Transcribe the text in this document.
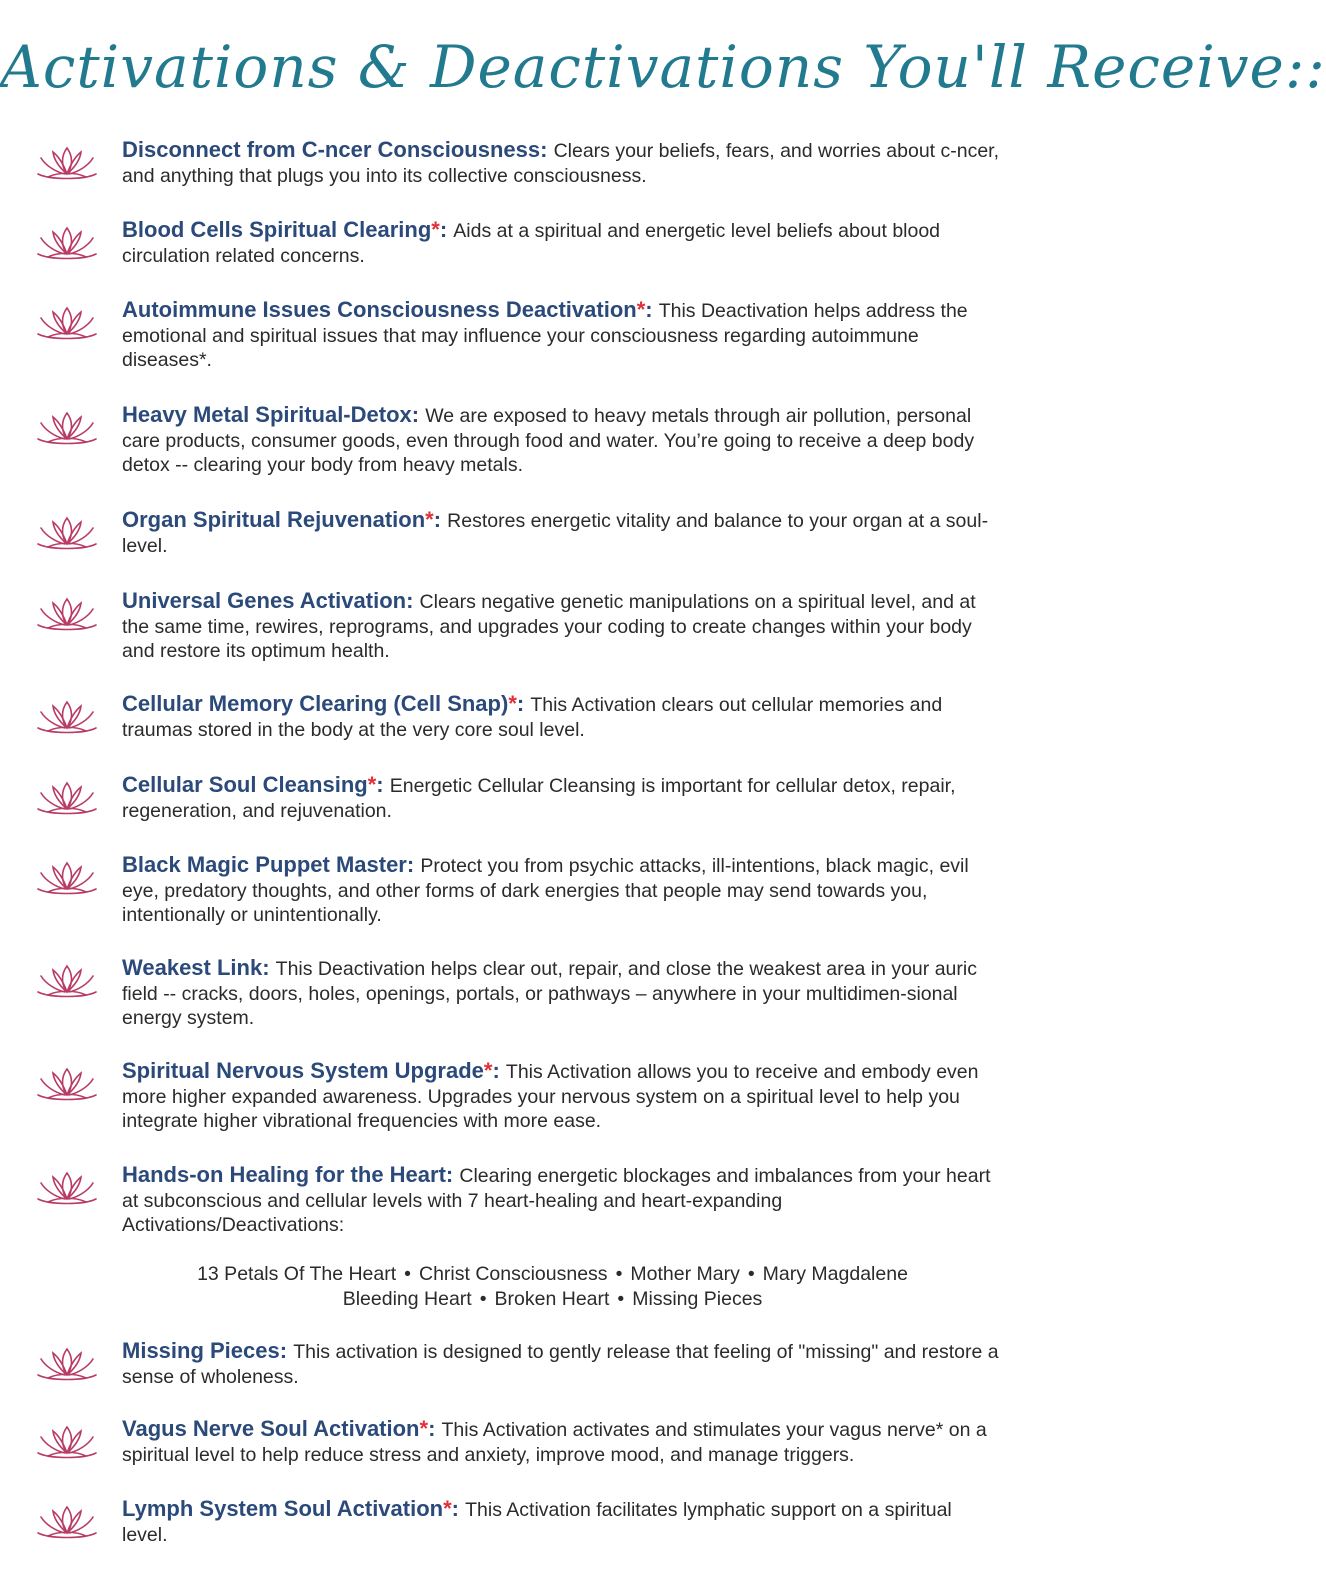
Activations & Deactivations You'll Receive::
Disconnect from C-ncer Consciousness: Clears your beliefs, fears, and worries about c-ncer, and anything that plugs you into its collective consciousness.
Blood Cells Spiritual Clearing*: Aids at a spiritual and energetic level beliefs about blood circulation related concerns.
Autoimmune Issues Consciousness Deactivation*: This Deactivation helps address the emotional and spiritual issues that may influence your consciousness regarding autoimmune diseases*.
Heavy Metal Spiritual-Detox: We are exposed to heavy metals through air pollution, personal care products, consumer goods, even through food and water. You’re going to receive a deep body detox -- clearing your body from heavy metals.
Organ Spiritual Rejuvenation*: Restores energetic vitality and balance to your organ at a soul- level.
Universal Genes Activation: Clears negative genetic manipulations on a spiritual level, and at the same time, rewires, reprograms, and upgrades your coding to create changes within your body and restore its optimum health.
Cellular Memory Clearing (Cell Snap)*: This Activation clears out cellular memories and traumas stored in the body at the very core soul level.
Cellular Soul Cleansing*: Energetic Cellular Cleansing is important for cellular detox, repair, regeneration, and rejuvenation.
Black Magic Puppet Master: Protect you from psychic attacks, ill-intentions, black magic, evil eye, predatory thoughts, and other forms of dark energies that people may send towards you, intentionally or unintentionally.
Weakest Link: This Deactivation helps clear out, repair, and close the weakest area in your auric field -- cracks, doors, holes, openings, portals, or pathways – anywhere in your multidimen-sional energy system.
Spiritual Nervous System Upgrade*: This Activation allows you to receive and embody even more higher expanded awareness. Upgrades your nervous system on a spiritual level to help you integrate higher vibrational frequencies with more ease.
Hands-on Healing for the Heart: Clearing energetic blockages and imbalances from your heart at subconscious and cellular levels with 7 heart-healing and heart-expanding Activations/Deactivations:
13 Petals Of The Heart • Christ Consciousness • Mother Mary • Mary Magdalene
Bleeding Heart • Broken Heart • Missing Pieces
Missing Pieces: This activation is designed to gently release that feeling of "missing" and restore a sense of wholeness.
Vagus Nerve Soul Activation*: This Activation activates and stimulates your vagus nerve* on a spiritual level to help reduce stress and anxiety, improve mood, and manage triggers.
Lymph System Soul Activation*: This Activation facilitates lymphatic support on a spiritual level.
